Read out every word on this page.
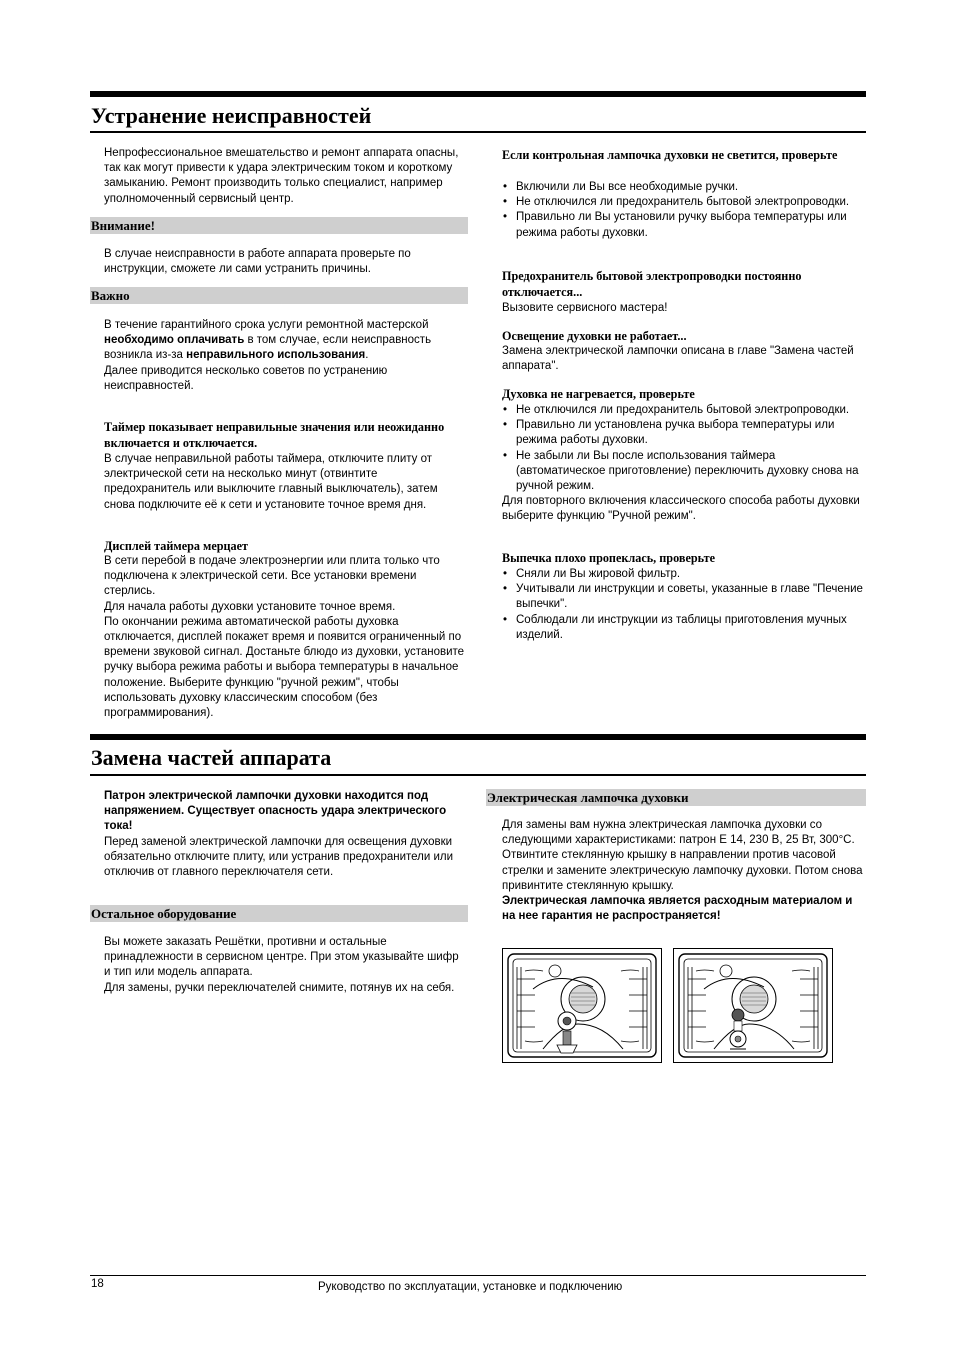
Устранение неисправностей
Непрофессиональное вмешательство и ремонт аппарата опасны, так как могут привести к удара электрическим током и короткому замыканию. Ремонт производить только специалист, например уполномоченный сервисный центр.
Внимание!
В случае неисправности в работе аппарата проверьте по инструкции, сможете ли сами устранить причины.
Важно

В течение гарантийного срока услуги ремонтной мастерской необходимо оплачивать в том случае, если неисправность возникла из-за неправильного использования.

Далее приводится несколько советов по устранению неисправностей.

Таймер показывает неправильные значения или неожиданно включается и отключается.
В случае неправильной работы таймера, отключите плиту от электрической сети на несколько минут (отвинтите предохранитель или выключите главный выключатель), затем снова подключите её к сети и установите точное время дня.
Дисплей таймера мерцает

В сети перебой в подаче электроэнергии или плита только что подключена к электрической сети. Все установки времени стерлись.

Для начала работы духовки установите точное время.

По окончании режима автоматической работы духовка отключается, дисплей покажет время и появится ограниченный по времени звуковой сигнал. Достаньте блюдо из духовки, установите ручку выбора режима работы и выбора температуры в начальное положение. Выберите функцию "ручной режим", чтобы использовать духовку классическим способом (без программирования).

Если контрольная лампочка духовки не светится, проверьте
• Включили ли Вы все необходимые ручки.
• Не отключился ли предохранитель бытовой электропроводки.
• Правильно ли Вы установили ручку выбора температуры или режима работы духовки.
Предохранитель бытовой электропроводки постоянно отключается...
Вызовите сервисного мастера!
Освещение духовки не работает...
Замена электрической лампочки описана в главе "Замена частей аппарата".
Духовка не нагревается, проверьте
• Не отключился ли предохранитель бытовой электропроводки.
• Правильно ли установлена ручка выбора температуры или режима работы духовки.
• Не забыли ли Вы после использования таймера (автоматическое приготовление) переключить духовку снова на ручной режим.

Для повторного включения классического способа работы духовки выберите функцию "Ручной режим".

Выпечка плохо пропеклась, проверьте
• Сняли ли Вы жировой фильтр.
• Учитывали ли инструкции и советы, указанные в главе "Печение выпечки".
• Соблюдали ли инструкции из таблицы приготовления мучных изделий.
Замена частей аппарата

Патрон электрической лампочки духовки находится под напряжением. Существует опасность удара электрического тока!

Перед заменой электрической лампочки для освещения духовки обязательно отключите плиту, или устранив предохранители или отключив от главного переключателя сети.

Остальное оборудование

Вы можете заказать Решётки, противни и остальные принадлежности в сервисном центре. При этом указывайте шифр и тип или модель аппарата.

Для замены, ручки переключателей снимите, потянув их на себя.

Электрическая лампочка духовки

Для замены вам нужна электрическая лампочка духовки со следующими характеристиками: патрон Е 14, 230 В, 25 Вт, 300°С.

Отвинтите стеклянную крышку в направлении против часовой стрелки и замените электрическую лампочку духовки. Потом снова привинтите стеклянную крышку.

Электрическая лампочка является расходным материалом и на нее гарантия не распространяется!

18	Руководство по эксплуатации, установке и подключению
